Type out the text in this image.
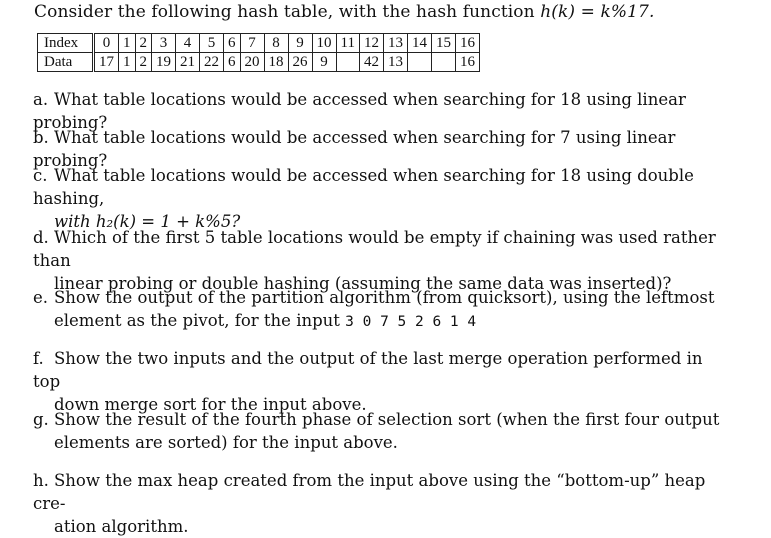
Consider the following hash table, with the hash function h(k) = k%17.
Index	0	1	2	3	4	5	6	7	8	9	10	11	12	13	14	15	16
Data	17	1	2	19	21	22	6	20	18	26	9		42	13			16
a. What table locations would be accessed when searching for 18 using linear probing?
b. What table locations would be accessed when searching for 7 using linear probing?
c. What table locations would be accessed when searching for 18 using double hashing,
with h₂(k) = 1 + k%5?
d. Which of the first 5 table locations would be empty if chaining was used rather than
linear probing or double hashing (assuming the same data was inserted)?
e. Show the output of the partition algorithm (from quicksort), using the leftmost
element as the pivot, for the input 3 0 7 5 2 6 1 4
f. Show the two inputs and the output of the last merge operation performed in top
down merge sort for the input above.
g. Show the result of the fourth phase of selection sort (when the first four output
elements are sorted) for the input above.
h. Show the max heap created from the input above using the “bottom-up” heap cre-
ation algorithm.
